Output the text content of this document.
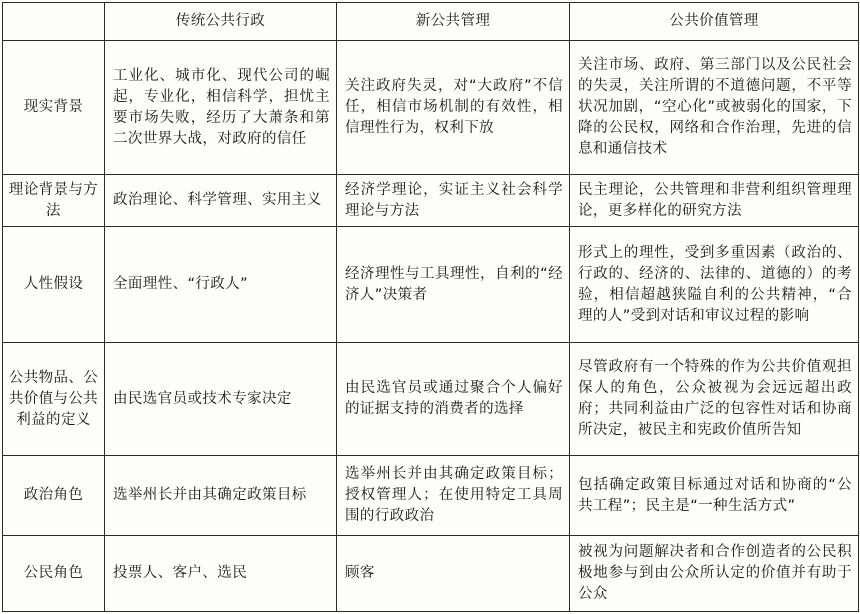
	传统公共行政	新公共管理	公共价值管理
现实背景	工业化、城市化、现代公司的崛起，专业化，相信科学，担忧主要市场失败，经历了大萧条和第二次世界大战，对政府的信任	关注政府失灵，对“大政府”不信任，相信市场机制的有效性，相信理性行为，权利下放	关注市场、政府、第三部门以及公民社会的失灵，关注所谓的不道德问题，不平等状况加剧，“空心化”或被弱化的国家，下降的公民权，网络和合作治理，先进的信息和通信技术
理论背景与方法	政治理论、科学管理、实用主义	经济学理论，实证主义社会科学理论与方法	民主理论，公共管理和非营利组织管理理论，更多样化的研究方法
人性假设	全面理性、“行政人”	经济理性与工具理性，自利的“经济人”决策者	形式上的理性，受到多重因素（政治的、行政的、经济的、法律的、道德的）的考验，相信超越狭隘自利的公共精神，“合理的人”受到对话和审议过程的影响
公共物品、公共价值与公共利益的定义	由民选官员或技术专家决定	由民选官员或通过聚合个人偏好的证据支持的消费者的选择	尽管政府有一个特殊的作为公共价值观担保人的角色，公众被视为会远远超出政府；共同利益由广泛的包容性对话和协商所决定，被民主和宪政价值所告知
政治角色	选举州长并由其确定政策目标	选举州长并由其确定政策目标；授权管理人；在使用特定工具周围的行政政治	包括确定政策目标通过对话和协商的“公共工程”；民主是“一种生活方式”
公民角色	投票人、客户、选民	顾客	被视为问题解决者和合作创造者的公民积极地参与到由公众所认定的价值并有助于公众
